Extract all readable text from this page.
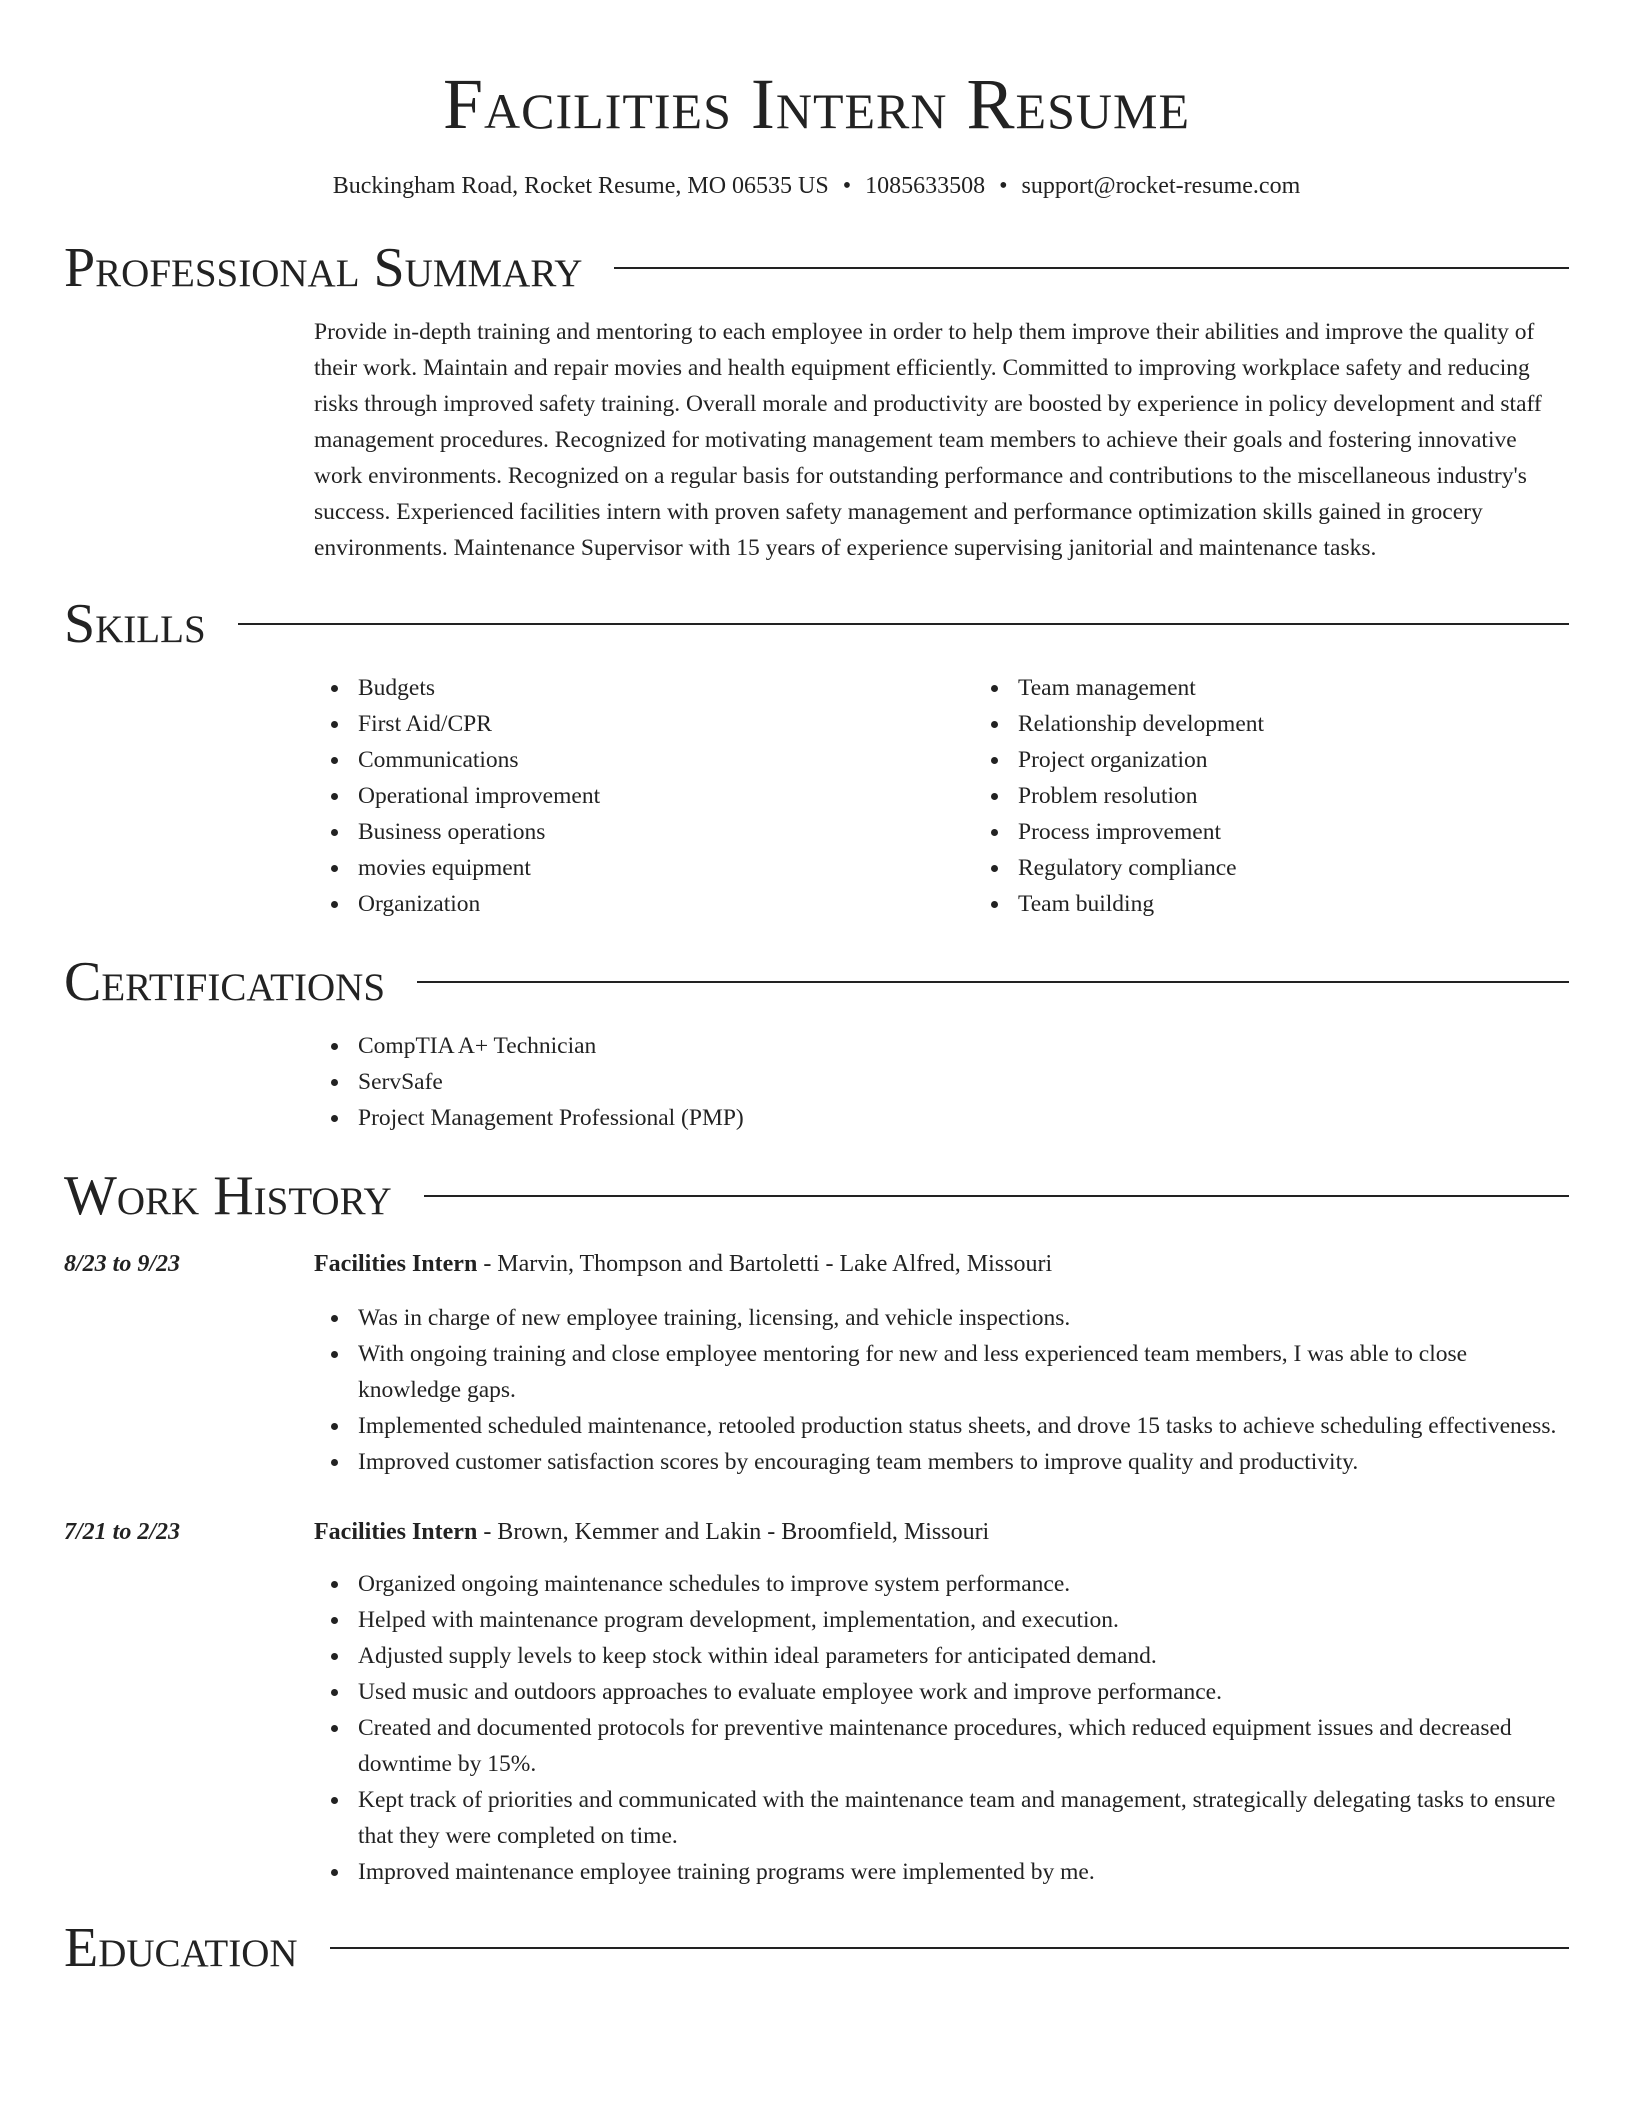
Facilities Intern Resume
Buckingham Road, Rocket Resume, MO 06535 US • 1085633508 • support@rocket-resume.com
Professional Summary

Provide in-depth training and mentoring to each employee in order to help them improve their abilities and improve the quality of their work. Maintain and repair movies and health equipment efficiently. Committed to improving workplace safety and reducing risks through improved safety training. Overall morale and productivity are boosted by experience in policy development and staff management procedures. Recognized for motivating management team members to achieve their goals and fostering innovative work environments. Recognized on a regular basis for outstanding performance and contributions to the miscellaneous industry's success. Experienced facilities intern with proven safety management and performance optimization skills gained in grocery environments. Maintenance Supervisor with 15 years of experience supervising janitorial and maintenance tasks.

Skills
Budgets
First Aid/CPR
Communications
Operational improvement
Business operations
movies equipment
Organization
Team management
Relationship development
Project organization
Problem resolution
Process improvement
Regulatory compliance
Team building
Certifications
CompTIA A+ Technician
ServSafe
Project Management Professional (PMP)
Work History
8/23 to 9/23	Facilities Intern - Marvin, Thompson and Bartoletti - Lake Alfred, Missouri
Was in charge of new employee training, licensing, and vehicle inspections.
With ongoing training and close employee mentoring for new and less experienced team members, I was able to close knowledge gaps.
Implemented scheduled maintenance, retooled production status sheets, and drove 15 tasks to achieve scheduling effectiveness.
Improved customer satisfaction scores by encouraging team members to improve quality and productivity.
7/21 to 2/23	Facilities Intern - Brown, Kemmer and Lakin - Broomfield, Missouri
Organized ongoing maintenance schedules to improve system performance.
Helped with maintenance program development, implementation, and execution.
Adjusted supply levels to keep stock within ideal parameters for anticipated demand.
Used music and outdoors approaches to evaluate employee work and improve performance.
Created and documented protocols for preventive maintenance procedures, which reduced equipment issues and decreased downtime by 15%.
Kept track of priorities and communicated with the maintenance team and management, strategically delegating tasks to ensure that they were completed on time.
Improved maintenance employee training programs were implemented by me.
Education
